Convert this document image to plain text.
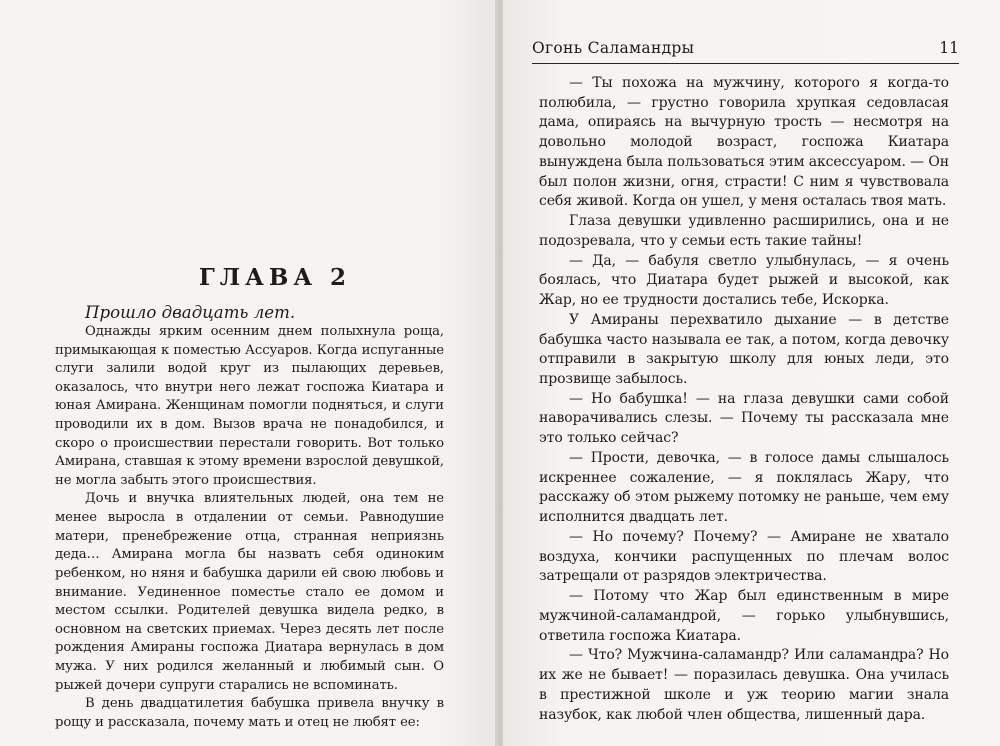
ГЛАВА 2
Прошло двадцать лет.

Однажды ярким осенним днем полыхнула роща, примыкающая к поместью Ассуаров. Когда испуганные слуги залили водой круг из пылающих деревьев, оказалось, что внутри него лежат госпожа Киатара и юная Амирана. Женщинам помогли подняться, и слуги проводили их в дом. Вызов врача не понадобился, и скоро о происшествии перестали говорить. Вот только Амирана, ставшая к этому времени взрослой девушкой, не могла забыть этого происшествия.

Дочь и внучка влиятельных людей, она тем не менее выросла в отдалении от семьи. Равнодушие матери, пренебрежение отца, странная неприязнь деда… Амирана могла бы назвать себя одиноким ребенком, но няня и бабушка дарили ей свою любовь и внимание. Уединенное поместье стало ее домом и местом ссылки. Родителей девушка видела редко, в основном на светских приемах. Через десять лет после рождения Амираны госпожа Диатара вернулась в дом мужа. У них родился желанный и любимый сын. О рыжей дочери супруги старались не вспоминать.

В день двадцатилетия бабушка привела внучку в рощу и рассказала, почему мать и отец не любят ее:

Огонь Саламандры	11

— Ты похожа на мужчину, которого я когда-то полюбила, — грустно говорила хрупкая седовласая дама, опираясь на вычурную трость — несмотря на довольно молодой возраст, госпожа Киатара вынуждена была пользоваться этим аксессуаром. — Он был полон жизни, огня, страсти! С ним я чувствовала себя живой. Когда он ушел, у меня осталась твоя мать.

Глаза девушки удивленно расширились, она и не подозревала, что у семьи есть такие тайны!

— Да, — бабуля светло улыбнулась, — я очень боялась, что Диатара будет рыжей и высокой, как Жар, но ее трудности достались тебе, Искорка.

У Амираны перехватило дыхание — в детстве бабушка часто называла ее так, а потом, когда девочку отправили в закрытую школу для юных леди, это прозвище забылось.

— Но бабушка! — на глаза девушки сами собой наворачивались слезы. — Почему ты рассказала мне это только сейчас?

— Прости, девочка, — в голосе дамы слышалось искреннее сожаление, — я поклялась Жару, что расскажу об этом рыжему потомку не раньше, чем ему исполнится двадцать лет.

— Но почему? Почему? — Амиране не хватало воздуха, кончики распущенных по плечам волос затрещали от разрядов электричества.

— Потому что Жар был единственным в мире мужчиной-саламандрой, — горько улыбнувшись, ответила госпожа Киатара.

— Что? Мужчина-саламандр? Или саламандра? Но их же не бывает! — поразилась девушка. Она училась в престижной школе и уж теорию магии знала назубок, как любой член общества, лишенный дара.
